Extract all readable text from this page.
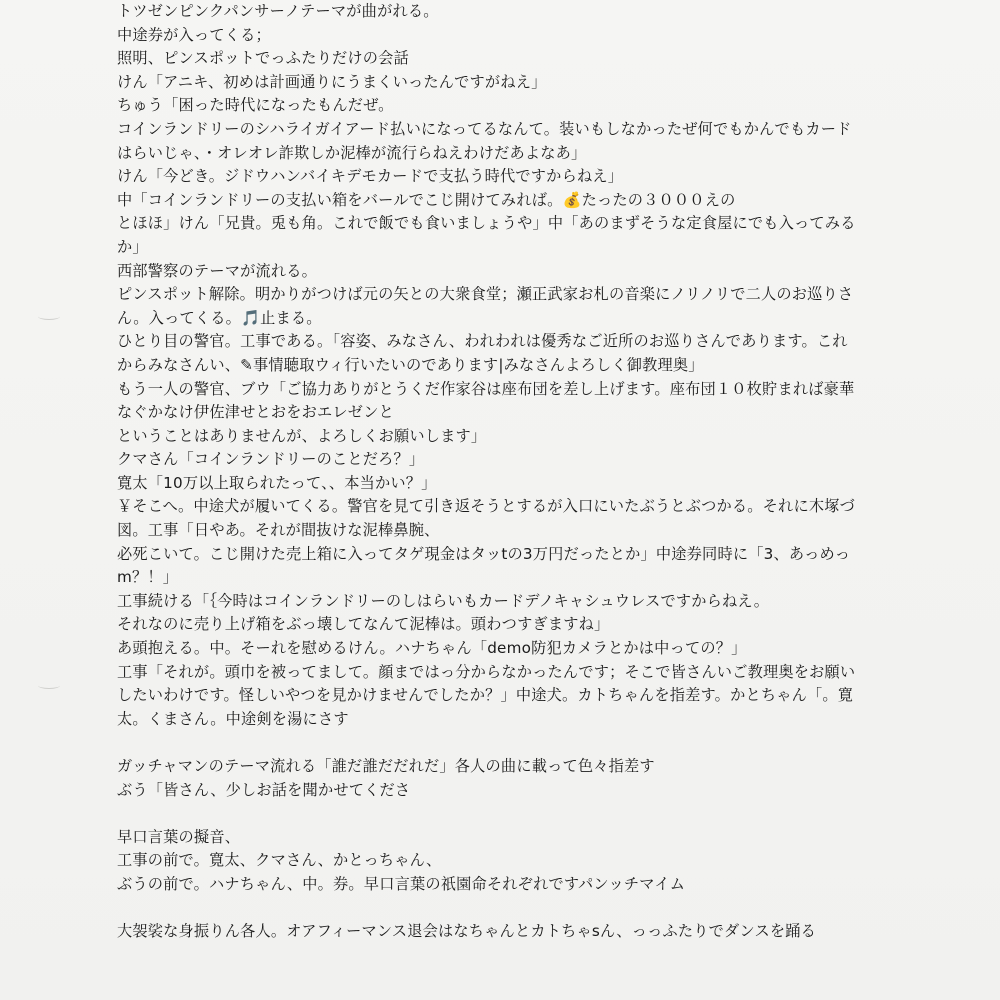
トツゼンピンクパンサーノテーマが曲がれる。
中途券が入ってくる；
照明、ピンスポットでっふたりだけの会話
けん「アニキ、初めは計画通りにうまくいったんですがねえ」
ちゅう「困った時代になったもんだぜ。
コインランドリーのシハライガイアード払いになってるなんて。装いもしなかったぜ何でもかんでもカード
はらいじゃ、・オレオレ詐欺しか泥棒が流行らねえわけだあよなあ」
けん「今どき。ジドウハンバイキデモカードで支払う時代ですからねえ」
中「コインランドリーの支払い箱をバールでこじ開けてみれば。💰たったの３０００えの
とほほ」けん「兄貴。兎も角。これで飯でも食いましょうや」中「あのまずそうな定食屋にでも入ってみる
か」
西部警察のテーマが流れる。
ピンスポット解除。明かりがつけば元の矢との大衆食堂；瀬正武家お札の音楽にノリノリで二人のお巡りさ
ん。入ってくる。🎵止まる。
ひとり目の警官。工事である。「容姿、みなさん、われわれは優秀なご近所のお巡りさんであります。これ
からみなさんい、✎事情聴取ウィ行いたいのであります|みなさんよろしく御教理奥」
もう一人の警官、ブウ「ご協力ありがとうくだ作家谷は座布団を差し上げます。座布団１０枚貯まれば豪華
なぐかなけ伊佐津せとおをおエレゼンと
ということはありませんが、よろしくお願いします」
クマさん「コインランドリーのことだろ？」
寛太「10万以上取られたって、、本当かい？」
￥そこへ。中途犬が履いてくる。警官を見て引き返そうとするが入口にいたぶうとぶつかる。それに木塚づ
図。工事「日やあ。それが間抜けな泥棒鼻腕、
必死こいて。こじ開けた売上箱に入ってタゲ現金はタッtの3万円だったとか」中途券同時に「3、あっめっ
m？！」
工事続ける「｛今時はコインランドリーのしはらいもカードデノキャシュウレスですからねえ。
それなのに売り上げ箱をぶっ壊してなんて泥棒は。頭わつすぎますね」
あ頭抱える。中。そーれを慰めるけん。ハナちゃん「demo防犯カメラとかは中っての？」
工事「それが。頭巾を被ってまして。顔まではっ分からなかったんです；そこで皆さんいご教理奥をお願い
したいわけです。怪しいやつを見かけませんでしたか？」中途犬。カトちゃんを指差す。かとちゃん「。寛
太。くまさん。中途剣を湯にさす
ガッチャマンのテーマ流れる「誰だ誰だだれだ」各人の曲に載って色々指差す
ぶう「皆さん、少しお話を聞かせてくださ
早口言葉の擬音、
工事の前で。寛太、クマさん、かとっちゃん、
ぶうの前で。ハナちゃん、中。券。早口言葉の祇園命それぞれですパンッチマイム
大袈裟な身振りん各人。オアフィーマンス退会はなちゃんとカトちゃsん、っっふたりでダンスを踊る
